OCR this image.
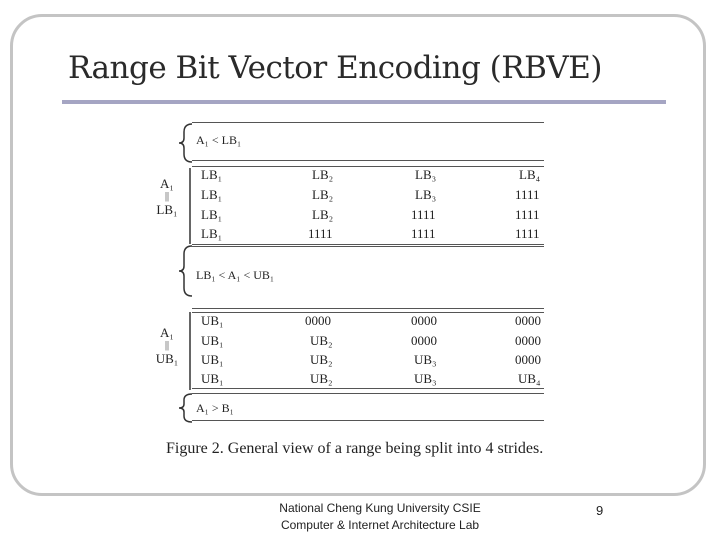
Range Bit Vector Encoding (RBVE)
A₁ < LB₁
LB₁ < A₁ < UB₁
A₁ > B₁
A₁
||
LB₁
A₁
||
UB₁
LB₁	LB₂	LB₃	LB₄
LB₁	LB₂	LB₃	1111
LB₁	LB₂	1111	1111
LB₁	1111	1111	1111
UB₁	0000	0000	0000
UB₁	UB₂	0000	0000
UB₁	UB₂	UB₃	0000
UB₁	UB₂	UB₃	UB₄
Figure 2. General view of a range being split into 4 strides.
National Cheng Kung University CSIE
Computer & Internet Architecture Lab
9
